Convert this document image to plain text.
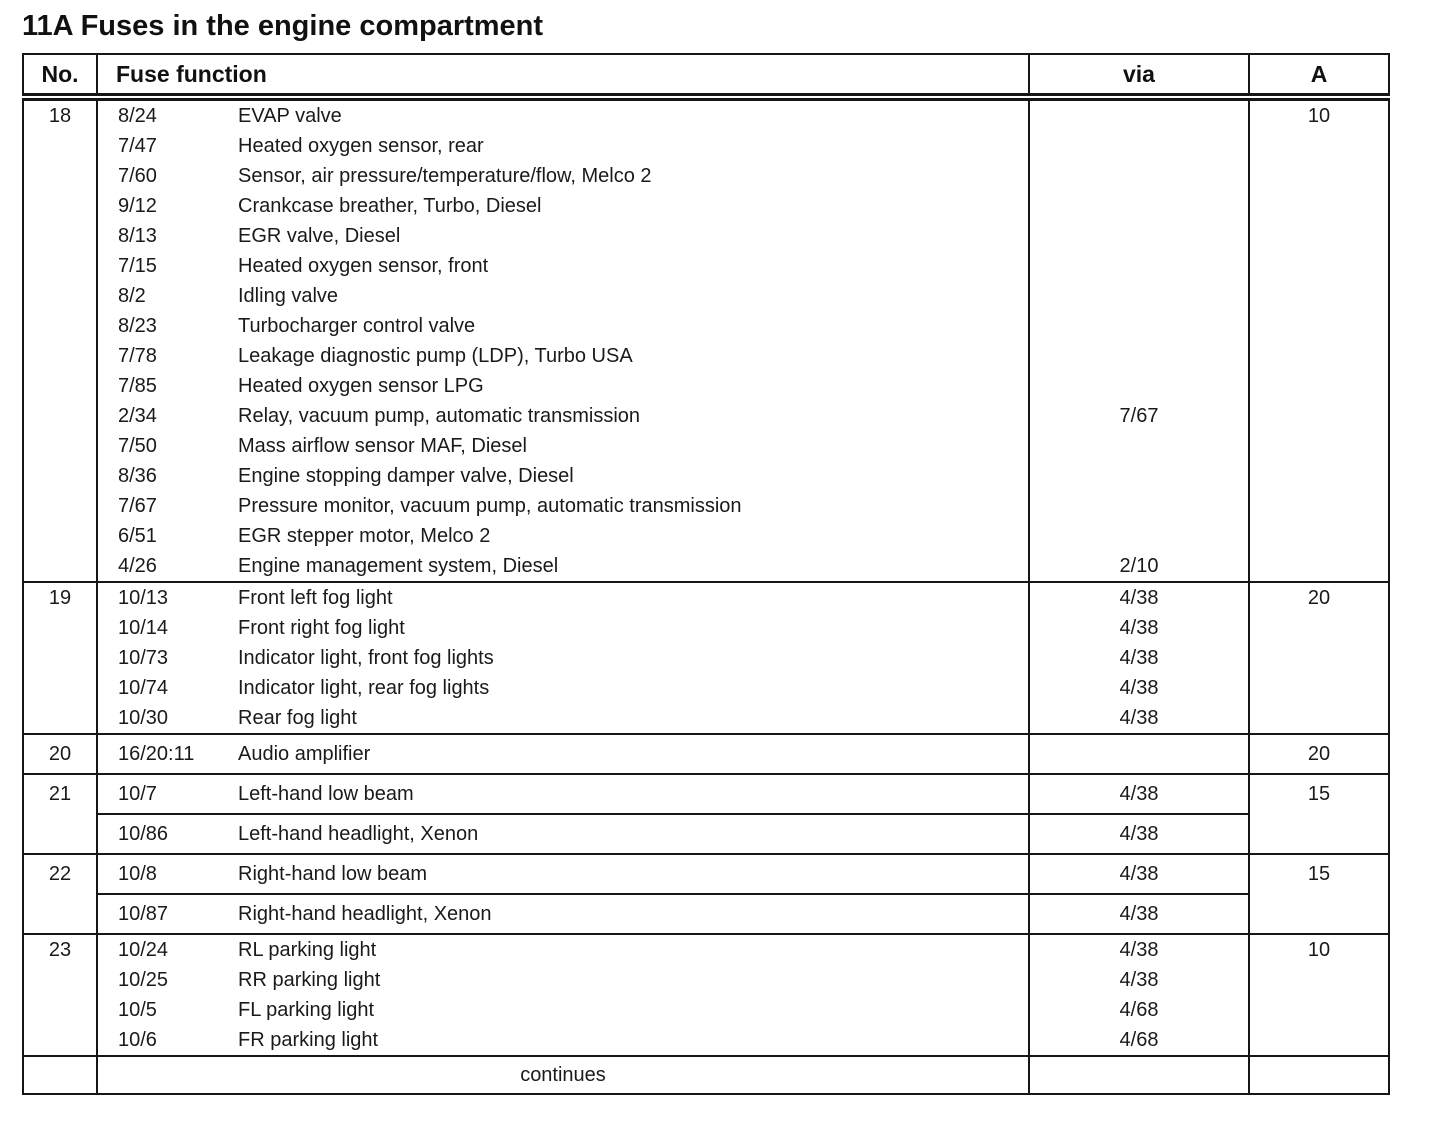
11A Fuses in the engine compartment
No.	Fuse function	via	A
18	8/24 EVAP valve		10
	7/47 Heated oxygen sensor, rear		
	7/60 Sensor, air pressure/temperature/flow, Melco 2		
	9/12 Crankcase breather, Turbo, Diesel		
	8/13 EGR valve, Diesel		
	7/15 Heated oxygen sensor, front		
	8/2 Idling valve		
	8/23 Turbocharger control valve		
	7/78 Leakage diagnostic pump (LDP), Turbo USA		
	7/85 Heated oxygen sensor LPG		
	2/34 Relay, vacuum pump, automatic transmission	7/67	
	7/50 Mass airflow sensor MAF, Diesel		
	8/36 Engine stopping damper valve, Diesel		
	7/67 Pressure monitor, vacuum pump, automatic transmission		
	6/51 EGR stepper motor, Melco 2		
	4/26 Engine management system, Diesel	2/10	
19	10/13 Front left fog light	4/38	20
	10/14 Front right fog light	4/38	
	10/73 Indicator light, front fog lights	4/38	
	10/74 Indicator light, rear fog lights	4/38	
	10/30 Rear fog light	4/38	
20	16/20:11 Audio amplifier		20
21	10/7 Left-hand low beam	4/38	15
	10/86 Left-hand headlight, Xenon	4/38	
22	10/8 Right-hand low beam	4/38	15
	10/87 Right-hand headlight, Xenon	4/38	
23	10/24 RL parking light	4/38	10
	10/25 RR parking light	4/38	
	10/5 FL parking light	4/68	
	10/6 FR parking light	4/68	
	continues		
